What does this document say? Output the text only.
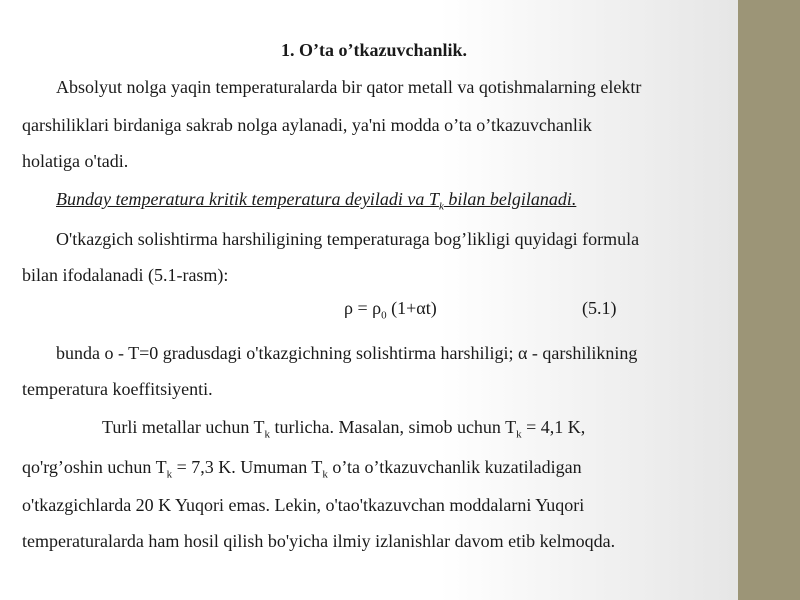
1. O’ta o’tkazuvchanlik.
Absolyut nolga yaqin temperaturalarda bir qator metall va qotishmalarning elektr
qarshiliklari birdaniga sakrab nolga aylanadi, ya'ni modda o’ta o’tkazuvchanlik
holatiga o'tadi.
Bunday temperatura kritik temperatura deyiladi va $T_k$ bilan belgilanadi.
O'tkazgich solishtirma harshiligining temperaturaga bog’likligi quyidagi formula
bilan ifodalanadi (5.1-rasm):
$\rho = \rho_0$ (1+αt)	(5.1)
bunda o - T=0 gradusdagi o'tkazgichning solishtirma harshiligi; α - qarshilikning
temperatura koeffitsiyenti.
Turli metallar uchun $T_k$ turlicha. Masalan, simob uchun $T_k = 4,1$ K,
qo'rg’oshin uchun $T_k = 7,3$ K. Umuman $T_k$ o’ta o’tkazuvchanlik kuzatiladigan
o'tkazgichlarda 20 K Yuqori emas. Lekin, o'tao'tkazuvchan moddalarni Yuqori
temperaturalarda ham hosil qilish bo'yicha ilmiy izlanishlar davom etib kelmoqda.
